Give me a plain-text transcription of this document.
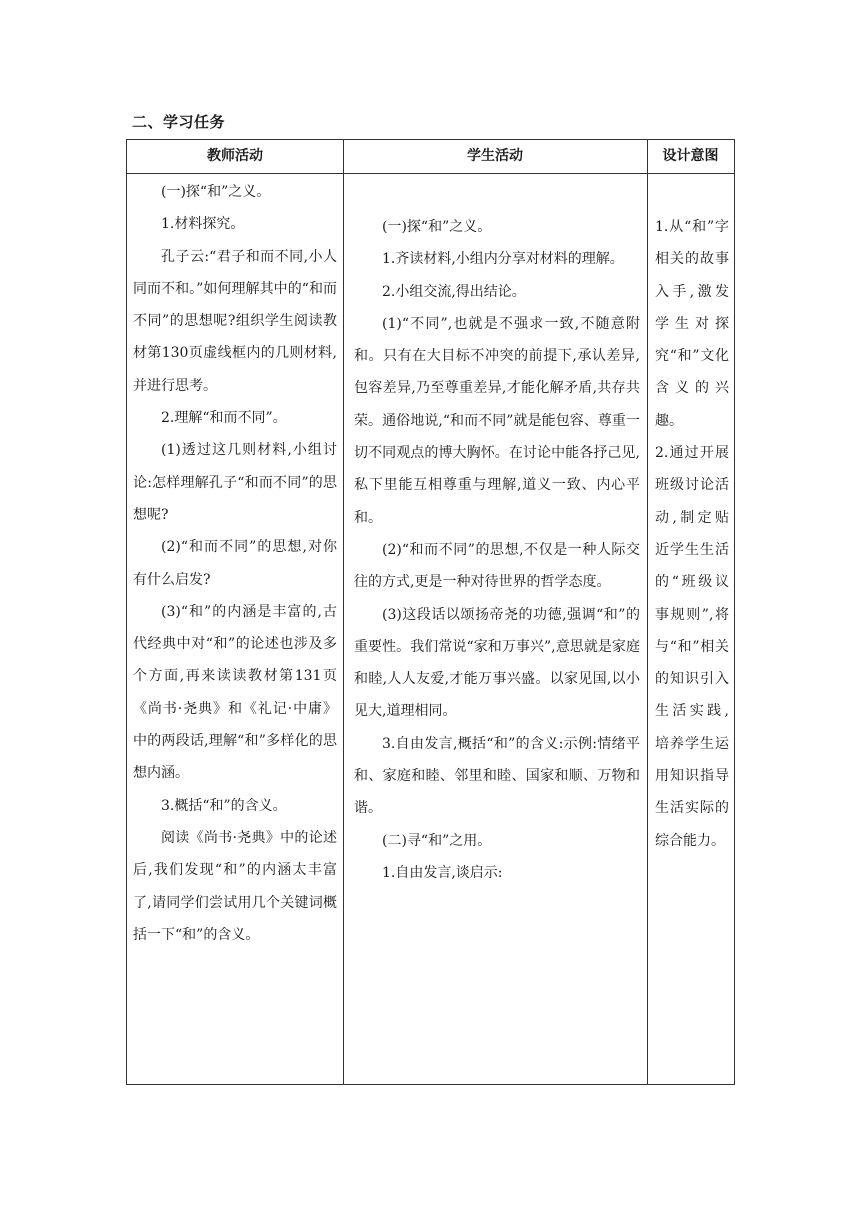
二、学习任务
教师活动	学生活动	设计意图

(一)探“和”之义。

1.材料探究。

孔子云:“君子和而不同,小人同而不和。”如何理解其中的“和而不同”的思想呢?组织学生阅读教材第130页虚线框内的几则材料,并进行思考。

2.理解“和而不同”。

(1)透过这几则材料,小组讨论:怎样理解孔子“和而不同”的思想呢?

(2)“和而不同”的思想,对你有什么启发?

(3)“和”的内涵是丰富的,古代经典中对“和”的论述也涉及多个方面,再来读读教材第131页《尚书·尧典》和《礼记·中庸》中的两段话,理解“和”多样化的思想内涵。

3.概括“和”的含义。

阅读《尚书·尧典》中的论述后,我们发现“和”的内涵太丰富了,请同学们尝试用几个关键词概括一下“和”的含义。

(一)探“和”之义。

1.齐读材料,小组内分享对材料的理解。

2.小组交流,得出结论。

(1)“不同”,也就是不强求一致,不随意附和。只有在大目标不冲突的前提下,承认差异,包容差异,乃至尊重差异,才能化解矛盾,共存共荣。通俗地说,“和而不同”就是能包容、尊重一切不同观点的博大胸怀。在讨论中能各抒己见,私下里能互相尊重与理解,道义一致、内心平和。

(2)“和而不同”的思想,不仅是一种人际交往的方式,更是一种对待世界的哲学态度。

(3)这段话以颂扬帝尧的功德,强调“和”的重要性。我们常说“家和万事兴”,意思就是家庭和睦,人人友爱,才能万事兴盛。以家见国,以小见大,道理相同。

3.自由发言,概括“和”的含义:示例:情绪平和、家庭和睦、邻里和睦、国家和顺、万物和谐。

(二)寻“和”之用。

1.自由发言,谈启示:

1.从“和”字相关的故事入手,激发学生对探究“和”文化含义的兴趣。

2.通过开展班级讨论活动,制定贴近学生生活的“班级议事规则”,将与“和”相关的知识引入生活实践,培养学生运用知识指导生活实际的综合能力。
